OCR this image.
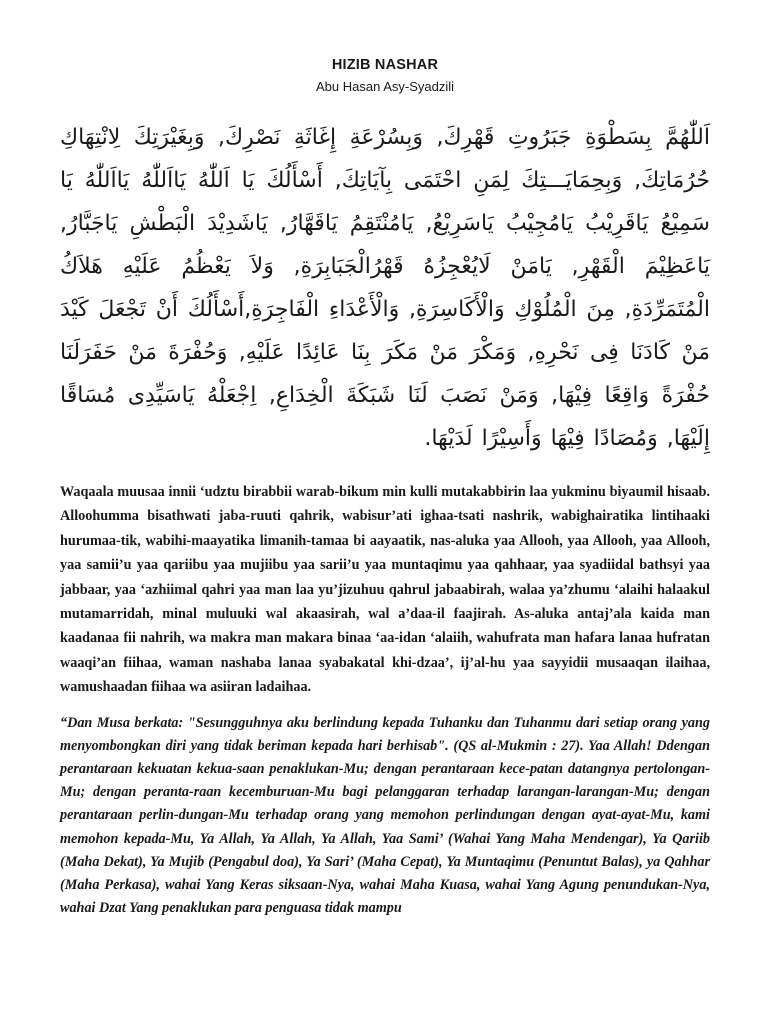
HIZIB NASHAR

Abu Hasan Asy-Syadzili

اَللّٰهُمَّ بِسَطْوَةِ جَبَرُوتِ قَهْرِكَ, وَبِسُرْعَةِ إِغَاثَةِ نَصْرِكَ, وَبِغَيْرَتِكَ لِانْتِهَاكِ حُرُمَاتِكَ, وَبِحِمَايَـــتِكَ لِمَنِ احْتَمَى بِآيَاتِكَ, أَسْأَلُكَ يَا اَللّٰهُ يَااَللّٰهُ يَااَللّٰهُ يَا سَمِيْعُ يَاقَرِيْبُ يَامُجِيْبُ يَاسَرِيْعُ, يَامُنْتَقِمُ يَاقَهَّارُ, يَاشَدِيْدَ الْبَطْشِ يَاجَبَّارُ, يَاعَظِيْمَ الْقَهْرِ, يَامَنْ لَايُعْجِزُهُ قَهْرُالْجَبَابِرَةِ, وَلاَ يَعْظُمُ عَلَيْهِ هَلاَكُ الْمُتَمَرِّدَةِ, مِنَ الْمُلُوْكِ وَالْأَكَاسِرَةِ, وَالْأَعْدَاءِ الْفَاجِرَةِ,أَسْأَلُكَ أَنْ تَجْعَلَ كَيْدَ مَنْ كَادَنَا فِى نَحْرِهِ, وَمَكْرَ مَنْ مَكَرَ بِنَا عَائِدًا عَلَيْهِ, وَحُفْرَةَ مَنْ حَفَرَلَنَا حُفْرَةً وَاقِعًا فِيْهَا, وَمَنْ نَصَبَ لَنَا شَبَكَةَ الْخِدَاعِ, اِجْعَلْهُ يَاسَيِّدِى مُسَاقًا إِلَيْهَا, وَمُصَادًا فِيْهَا وَأَسِيْرًا لَدَيْهَا.

Waqaala muusaa innii ‘udztu birabbii warab-bikum min kulli mutakabbirin laa yukminu biyaumil hisaab. Alloohumma bisathwati jaba-ruuti qahrik, wabisur’ati ighaa-tsati nashrik, wabighairatika lintihaaki hurumaa-tik, wabihi-maayatika limanih-tamaa bi aayaatik, nas-aluka yaa Allooh, yaa Allooh, yaa Allooh, yaa samii’u yaa qariibu yaa mujiibu yaa sarii’u yaa muntaqimu yaa qahhaar, yaa syadiidal bathsyi yaa jabbaar, yaa ‘azhiimal qahri yaa man laa yu’jizuhuu qahrul jabaabirah, walaa ya’zhumu ‘alaihi halaakul mutamarridah, minal muluuki wal akaasirah, wal a’daa-il faajirah. As-aluka antaj’ala kaida man kaadanaa fii nahrih, wa makra man makara binaa ‘aa-idan ‘alaiih, wahufrata man hafara lanaa hufratan waaqi’an fiihaa, waman nashaba lanaa syabakatal khi-dzaa’, ij’al-hu yaa sayyidii musaaqan ilaihaa, wamushaadan fiihaa wa asiiran ladaihaa.

“Dan Musa berkata: "Sesungguhnya aku berlindung kepada Tuhanku dan Tuhanmu dari setiap orang yang menyombongkan diri yang tidak beriman kepada hari berhisab". (QS al-Mukmin : 27). Yaa Allah! Ddengan perantaraan kekuatan kekua-saan penaklukan-Mu; dengan perantaraan kece-patan datangnya pertolongan-Mu; dengan peranta-raan kecemburuan-Mu bagi pelanggaran terhadap larangan-larangan-Mu; dengan perantaraan perlin-dungan-Mu terhadap orang yang memohon perlindungan dengan ayat-ayat-Mu, kami memohon kepada-Mu, Ya Allah, Ya Allah, Ya Allah, Yaa Sami’ (Wahai Yang Maha Mendengar), Ya Qariib (Maha Dekat), Ya Mujib (Pengabul doa), Ya Sari’ (Maha Cepat), Ya Muntaqimu (Penuntut Balas), ya Qahhar (Maha Perkasa), wahai Yang Keras siksaan-Nya, wahai Maha Kuasa, wahai Yang Agung penundukan-Nya, wahai Dzat Yang penaklukan para penguasa tidak mampu
